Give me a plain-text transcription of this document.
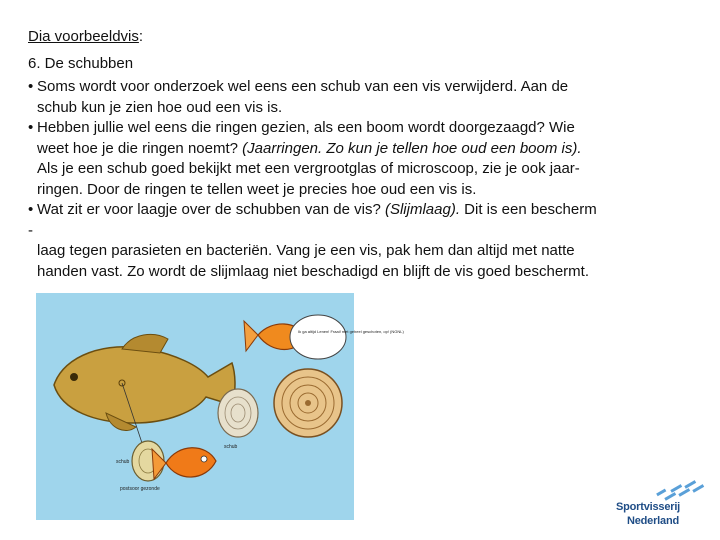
Dia voorbeeldvis:
6. De schubben
• Soms wordt voor onderzoek wel eens een schub van een vis verwijderd. Aan de
schub kun je zien hoe oud een vis is.
• Hebben jullie wel eens die ringen gezien, als een boom wordt doorgezaagd? Wie
weet hoe je die ringen noemt? (Jaarringen. Zo kun je tellen hoe oud een boom is).
Als je een schub goed bekijkt met een vergrootglas of microscoop, zie je ook jaar-
ringen. Door de ringen te tellen weet je precies hoe oud een vis is.
• Wat zit er voor laagje over de schubben van de vis? (Slijmlaag). Dit is een bescherm
-

laag tegen parasieten en bacteriën. Vang je een vis, pak hem dan altijd met natte
handen vast. Zo wordt de slijmlaag niet beschadigd en blijft de vis goed beschermt.
schub
postsoor gezonde
Ik ga altijd Lenen! Fraai! met geheel geschoten, op! (NGNL)
schub
Sportvisserij
Nederland
